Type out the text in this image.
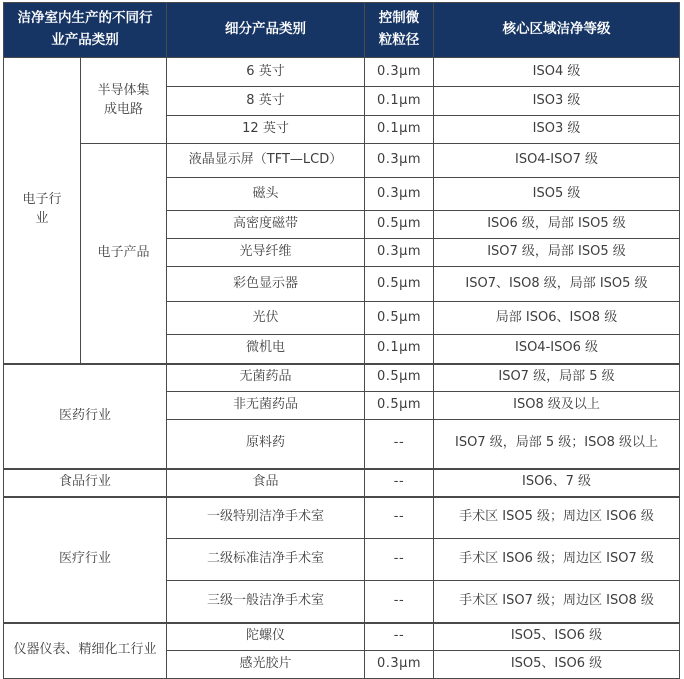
洁净室内生产的不同行业产品类别		细分产品类别	控制微粒粒径	核心区域洁净等级
电子行业	半导体集成电路	6 英寸	0.3μm	ISO4 级
		8 英寸	0.1μm	ISO3 级
		12 英寸	0.1μm	ISO3 级
	电子产品	液晶显示屏（TFT—LCD）	0.3μm	ISO4-ISO7 级
		磁头	0.3μm	ISO5 级
		高密度磁带	0.5μm	ISO6 级，局部 ISO5 级
		光导纤维	0.3μm	ISO7 级，局部 ISO5 级
		彩色显示器	0.5μm	ISO7、ISO8 级，局部 ISO5 级
		光伏	0.5μm	局部 ISO6、ISO8 级
		微机电	0.1μm	ISO4-ISO6 级
医药行业		无菌药品	0.5μm	ISO7 级，局部 5 级
		非无菌药品	0.5μm	ISO8 级及以上
		原料药	--	ISO7 级，局部 5 级；ISO8 级以上
食品行业		食品	--	ISO6、7 级
医疗行业		一级特别洁净手术室	--	手术区 ISO5 级；周边区 ISO6 级
		二级标准洁净手术室	--	手术区 ISO6 级；周边区 ISO7 级
		三级一般洁净手术室	--	手术区 ISO7 级；周边区 ISO8 级
仪器仪表、精细化工行业		陀螺仪	--	ISO5、ISO6 级
		感光胶片	0.3μm	ISO5、ISO6 级
